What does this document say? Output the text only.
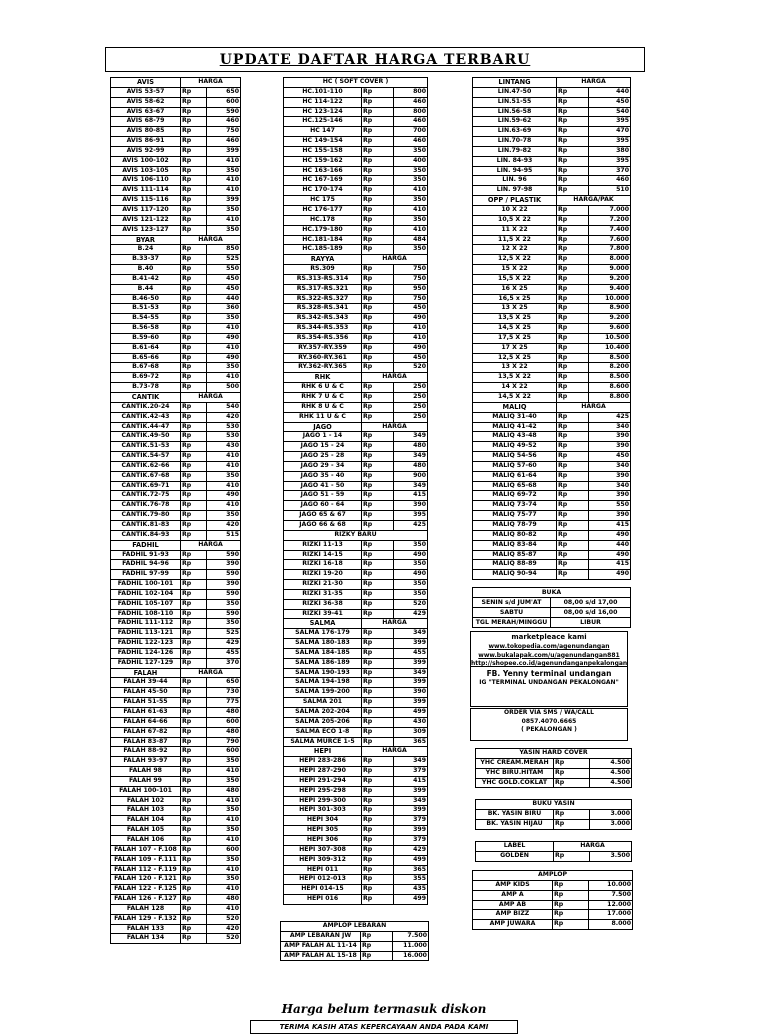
UPDATE DAFTAR HARGA TERBARU
AVIS	HARGA	
AVIS 53-57	Rp	650
AVIS 58-62	Rp	600
AVIS 63-67	Rp	590
AVIS 68-79	Rp	460
AVIS 80-85	Rp	750
AVIS 86-91	Rp	460
AVIS 92-99	Rp	399
AVIS 100-102	Rp	410
AVIS 103-105	Rp	350
AVIS 106-110	Rp	410
AVIS 111-114	Rp	410
AVIS 115-116	Rp	399
AVIS 117-120	Rp	350
AVIS 121-122	Rp	410
AVIS 123-127	Rp	350
BYAR	HARGA	
B.24	Rp	850
B.33-37	Rp	525
B.40	Rp	550
B.41-42	Rp	450
B.44	Rp	450
B.46-50	Rp	440
B.51-53	Rp	360
B.54-55	Rp	350
B.56-58	Rp	410
B.59-60	Rp	490
B.61-64	Rp	410
B.65-66	Rp	490
B.67-68	Rp	350
B.69-72	Rp	410
B.73-78	Rp	500
CANTIK	HARGA	
CANTIK.20-24	Rp	540
CANTIK.42-43	Rp	420
CANTIK.44-47	Rp	530
CANTIK.49-50	Rp	530
CANTIK.51-53	Rp	430
CANTIK.54-57	Rp	410
CANTIK.62-66	Rp	410
CANTIK.67-68	Rp	350
CANTIK.69-71	Rp	410
CANTIK.72-75	Rp	490
CANTIK.76-78	Rp	410
CANTIK.79-80	Rp	350
CANTIK.81-83	Rp	420
CANTIK.84-93	Rp	515
FADHIL	HARGA	
FADHIL 91-93	Rp	590
FADHIL 94-96	Rp	390
FADHIL 97-99	Rp	590
FADHIL 100-101	Rp	390
FADHIL 102-104	Rp	590
FADHIL 105-107	Rp	350
FADHIL 108-110	Rp	590
FADHIL 111-112	Rp	350
FADHIL 113-121	Rp	525
FADHIL 122-123	Rp	429
FADHIL 124-126	Rp	455
FADHIL 127-129	Rp	370
FALAH	HARGA	
FALAH 39-44	Rp	650
FALAH 45-50	Rp	730
FALAH 51-55	Rp	775
FALAH 61-63	Rp	480
FALAH 64-66	Rp	600
FALAH 67-82	Rp	480
FALAH 83-87	Rp	790
FALAH 88-92	Rp	600
FALAH 93-97	Rp	350
FALAH 98	Rp	410
FALAH 99	Rp	350
FALAH 100-101	Rp	480
FALAH 102	Rp	410
FALAH 103	Rp	350
FALAH 104	Rp	410
FALAH 105	Rp	350
FALAH 106	Rp	410
FALAH 107 - F.108	Rp	600
FALAH 109 - F.111	Rp	350
FALAH 112 - F.119	Rp	410
FALAH 120 - F.121	Rp	350
FALAH 122 - F.125	Rp	410
FALAH 126 - F.127	Rp	480
FALAH 128	Rp	410
FALAH 129 - F.132	Rp	520
FALAH 133	Rp	420
FALAH 134	Rp	520
HC ( SOFT COVER )		
HC.101-110	Rp	800
HC 114-122	Rp	460
HC 123-124	Rp	800
HC.125-146	Rp	460
HC 147	Rp	700
HC 149-154	Rp	460
HC 155-158	Rp	350
HC 159-162	Rp	400
HC 163-166	Rp	350
HC 167-169	Rp	350
HC 170-174	Rp	410
HC 175	Rp	350
HC 176-177	Rp	410
HC.178	Rp	350
HC.179-180	Rp	410
HC.181-184	Rp	484
HC.185-189	Rp	350
RAYYA	HARGA	
RS.309	Rp	750
RS.313-RS.314	Rp	750
RS.317-RS.321	Rp	950
RS.322-RS.327	Rp	750
RS.328-RS.341	Rp	450
RS.342-RS.343	Rp	490
RS.344-RS.353	Rp	410
RS.354-RS.356	Rp	410
RY.357-RY.359	Rp	490
RY.360-RY.361	Rp	450
RY.362-RY.365	Rp	520
RHK	HARGA	
RHK 6 U & C	Rp	250
RHK 7 U & C	Rp	250
RHK 8 U & C	Rp	250
RHK 11 U & C	Rp	250
JAGO	HARGA	
JAGO 1 - 14	Rp	349
JAGO 15 - 24	Rp	480
JAGO 25 - 28	Rp	349
JAGO 29 - 34	Rp	480
JAGO 35 - 40	Rp	900
JAGO 41 - 50	Rp	349
JAGO 51 - 59	Rp	415
JAGO 60 - 64	Rp	390
JAGO 65 & 67	Rp	395
JAGO 66 & 68	Rp	425
RIZKY BARU		
RIZKI 11-13	Rp	350
RIZKI 14-15	Rp	490
RIZKI 16-18	Rp	350
RIZKI 19-20	Rp	490
RIZKI 21-30	Rp	350
RIZKI 31-35	Rp	350
RIZKI 36-38	Rp	520
RIZKI 39-41	Rp	429
SALMA	HARGA	
SALMA 176-179	Rp	349
SALMA 180-183	Rp	399
SALMA 184-185	Rp	455
SALMA 186-189	Rp	399
SALMA 190-193	Rp	349
SALMA 194-198	Rp	399
SALMA 199-200	Rp	390
SALMA 201	Rp	399
SALMA 202-204	Rp	499
SALMA 205-206	Rp	430
SALMA ECO 1-8	Rp	309
SALMA MURCE 1-5	Rp	365
HEPI	HARGA	
HEPI 283-286	Rp	349
HEPI 287-290	Rp	379
HEPI 291-294	Rp	415
HEPI 295-298	Rp	399
HEPI 299-300	Rp	349
HEPI 301-303	Rp	399
HEPI 304	Rp	379
HEPI 305	Rp	399
HEPI 306	Rp	379
HEPI 307-308	Rp	429
HEPI 309-312	Rp	499
HEPI 011	Rp	365
HEPI 012-013	Rp	355
HEPI 014-15	Rp	435
HEPI 016	Rp	499
AMPLOP LEBARAN		
AMP LEBARAN JW	Rp	7.500
AMP FALAH AL 11-14	Rp	11.000
AMP FALAH AL 15-18	Rp	16.000
LINTANG	HARGA	
LIN.47-50	Rp	440
LIN.51-55	Rp	450
LIN.56-58	Rp	540
LIN.59-62	Rp	395
LIN.63-69	Rp	470
LIN.70-78	Rp	395
LIN.79-82	Rp	380
LIN. 84-93	Rp	395
LIN. 94-95	Rp	370
LIN. 96	Rp	460
LIN. 97-98	Rp	510
OPP / PLASTIK	HARGA/PAK	
10 X 22	Rp	7.000
10,5 X 22	Rp	7.200
11 X 22	Rp	7.400
11,5 X 22	Rp	7.600
12 X 22	Rp	7.800
12,5 X 22	Rp	8.000
15 X 22	Rp	9.000
15,5 X 22	Rp	9.200
16 X 25	Rp	9.400
16,5 x 25	Rp	10.000
13 X 25	Rp	8.900
13,5 X 25	Rp	9.200
14,5 X 25	Rp	9.600
17,5 X 25	Rp	10.500
17 X 25	Rp	10.400
12,5 X 25	Rp	8.500
13 X 22	Rp	8.200
13,5 X 22	Rp	8.500
14 X 22	Rp	8.600
14,5 X 22	Rp	8.800
MALIQ	HARGA	
MALIQ 31-40	Rp	425
MALIQ 41-42	Rp	340
MALIQ 43-48	Rp	390
MALIQ 49-52	Rp	390
MALIQ 54-56	Rp	450
MALIQ 57-60	Rp	340
MALIQ 61-64	Rp	390
MALIQ 65-68	Rp	340
MALIQ 69-72	Rp	390
MALIQ 73-74	Rp	550
MALIQ 75-77	Rp	390
MALIQ 78-79	Rp	415
MALIQ 80-82	Rp	490
MALIQ 83-84	Rp	440
MALIQ 85-87	Rp	490
MALIQ 88-89	Rp	415
MALIQ 90-94	Rp	490
BUKA	
SENIN s/d JUM'AT	08,00 s/d 17,00
SABTU	08,00 s/d 16,00
TGL MERAH/MINGGU	LIBUR
marketpleace kami
www.tokopedia.com/agenundangan
www.bukalapak.com/u/agenundangan881
http://shopee.co.id/agenundanganpekalongan
FB. Yenny terminal undangan
IG "TERMINAL UNDANGAN PEKALONGAN"
ORDER VIA SMS / WA/CALL
0857.4070.6665
( PEKALONGAN )
YASIN HARD COVER		
YHC CREAM.MERAH	Rp	4.500
YHC BIRU.HITAM	Rp	4.500
YHC GOLD.COKLAT	Rp	4.500
BUKU YASIN		
BK. YASIN BIRU	Rp	3.000
BK. YASIN HIJAU	Rp	3.000
LABEL	HARGA	
GOLDEN	Rp	3.500
AMPLOP		
AMP KIDS	Rp	10.000
AMP A	Rp	7.500
AMP AB	Rp	12.000
AMP BIZZ	Rp	17.000
AMP JUWARA	Rp	8.000
Harga belum termasuk diskon
TERIMA KASIH ATAS KEPERCAYAAN ANDA PADA KAMI
